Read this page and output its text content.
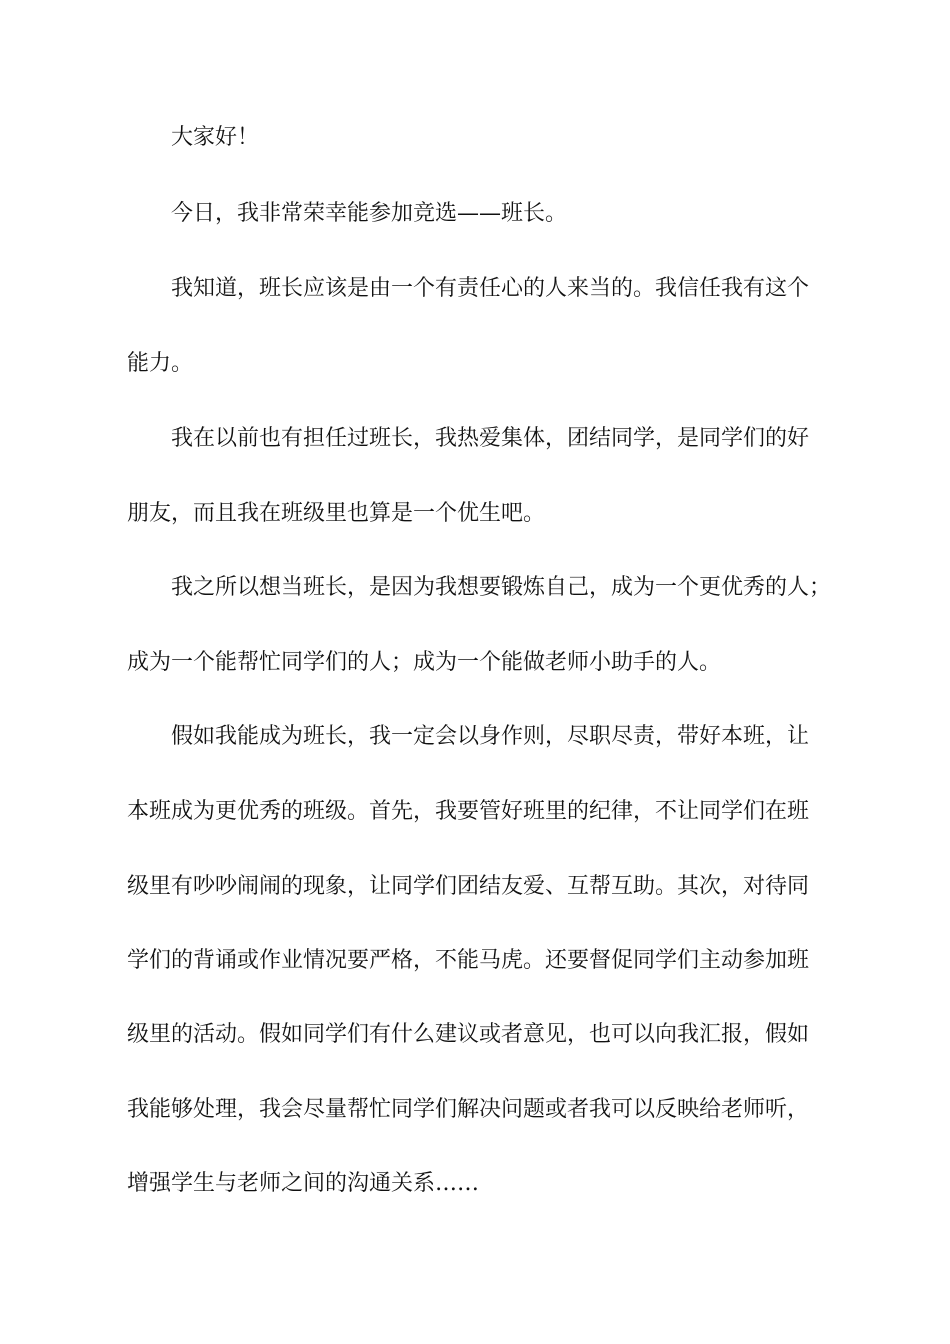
大家好！

今日，我非常荣幸能参加竞选——班长。

我知道，班长应该是由一个有责任心的人来当的。我信任我有这个

能力。

我在以前也有担任过班长，我热爱集体，团结同学，是同学们的好

朋友，而且我在班级里也算是一个优生吧。

我之所以想当班长，是因为我想要锻炼自己，成为一个更优秀的人；

成为一个能帮忙同学们的人；成为一个能做老师小助手的人。

假如我能成为班长，我一定会以身作则，尽职尽责，带好本班，让

本班成为更优秀的班级。首先，我要管好班里的纪律，不让同学们在班

级里有吵吵闹闹的现象，让同学们团结友爱、互帮互助。其次，对待同

学们的背诵或作业情况要严格，不能马虎。还要督促同学们主动参加班

级里的活动。假如同学们有什么建议或者意见，也可以向我汇报，假如

我能够处理，我会尽量帮忙同学们解决问题或者我可以反映给老师听，

增强学生与老师之间的沟通关系……
